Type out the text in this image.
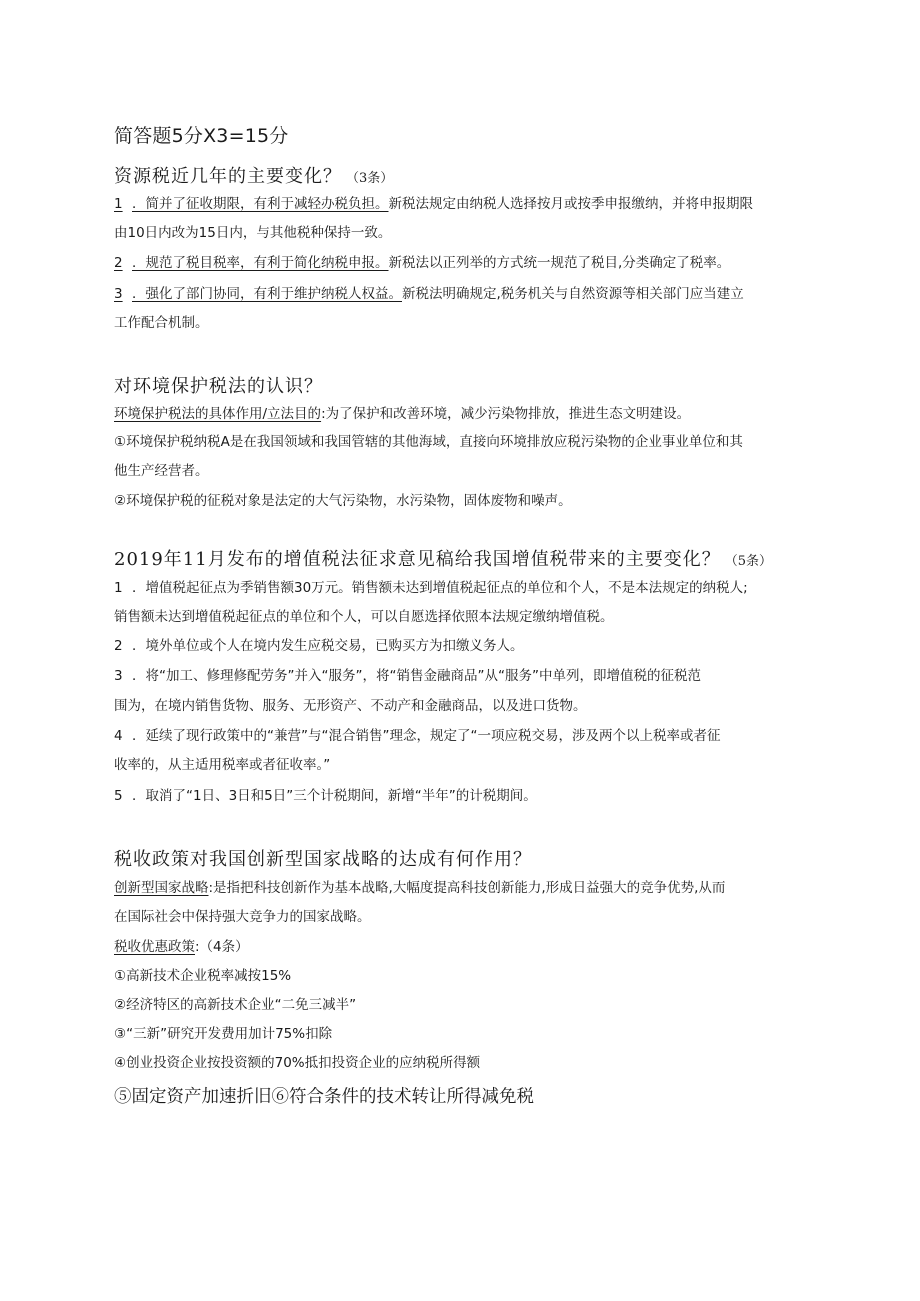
简答题5分X3=15分
资源税近几年的主要变化？ （3条）
1 ．简并了征收期限，有利于减轻办税负担。新税法规定由纳税人选择按月或按季申报缴纳，并将申报期限
由10日内改为15日内，与其他税种保持一致。
2 ．规范了税目税率，有利于简化纳税申报。新税法以正列举的方式统一规范了税目,分类确定了税率。
3 ．强化了部门协同，有利于维护纳税人权益。新税法明确规定,税务机关与自然资源等相关部门应当建立
工作配合机制。
对环境保护税法的认识？
环境保护税法的具体作用/立法目的:为了保护和改善环境，减少污染物排放，推进生态文明建设。
①环境保护税纳税A是在我国领域和我国管辖的其他海域，直接向环境排放应税污染物的企业事业单位和其
他生产经营者。
②环境保护税的征税对象是法定的大气污染物，水污染物，固体废物和噪声。
2019年11月发布的增值税法征求意见稿给我国增值税带来的主要变化？ （5条）
1 ．增值税起征点为季销售额30万元。销售额未达到增值税起征点的单位和个人，不是本法规定的纳税人;
销售额未达到增值税起征点的单位和个人，可以自愿选择依照本法规定缴纳增值税。
2 ．境外单位或个人在境内发生应税交易，已购买方为扣缴义务人。
3 ．将“加工、修理修配劳务”并入“服务”，将“销售金融商品”从“服务”中单列，即增值税的征税范
围为，在境内销售货物、服务、无形资产、不动产和金融商品，以及进口货物。
4 ．延续了现行政策中的“兼营”与“混合销售”理念，规定了“一项应税交易，涉及两个以上税率或者征
收率的，从主适用税率或者征收率。”
5 ．取消了“1日、3日和5日”三个计税期间，新增“半年”的计税期间。
税收政策对我国创新型国家战略的达成有何作用？
创新型国家战略:是指把科技创新作为基本战略,大幅度提高科技创新能力,形成日益强大的竞争优势,从而
在国际社会中保持强大竞争力的国家战略。
税收优惠政策:（4条）
①高新技术企业税率减按15%
②经济特区的高新技术企业“二免三减半”
③“三新”研究开发费用加计75%扣除
④创业投资企业按投资额的70%抵扣投资企业的应纳税所得额
⑤固定资产加速折旧⑥符合条件的技术转让所得减免税
